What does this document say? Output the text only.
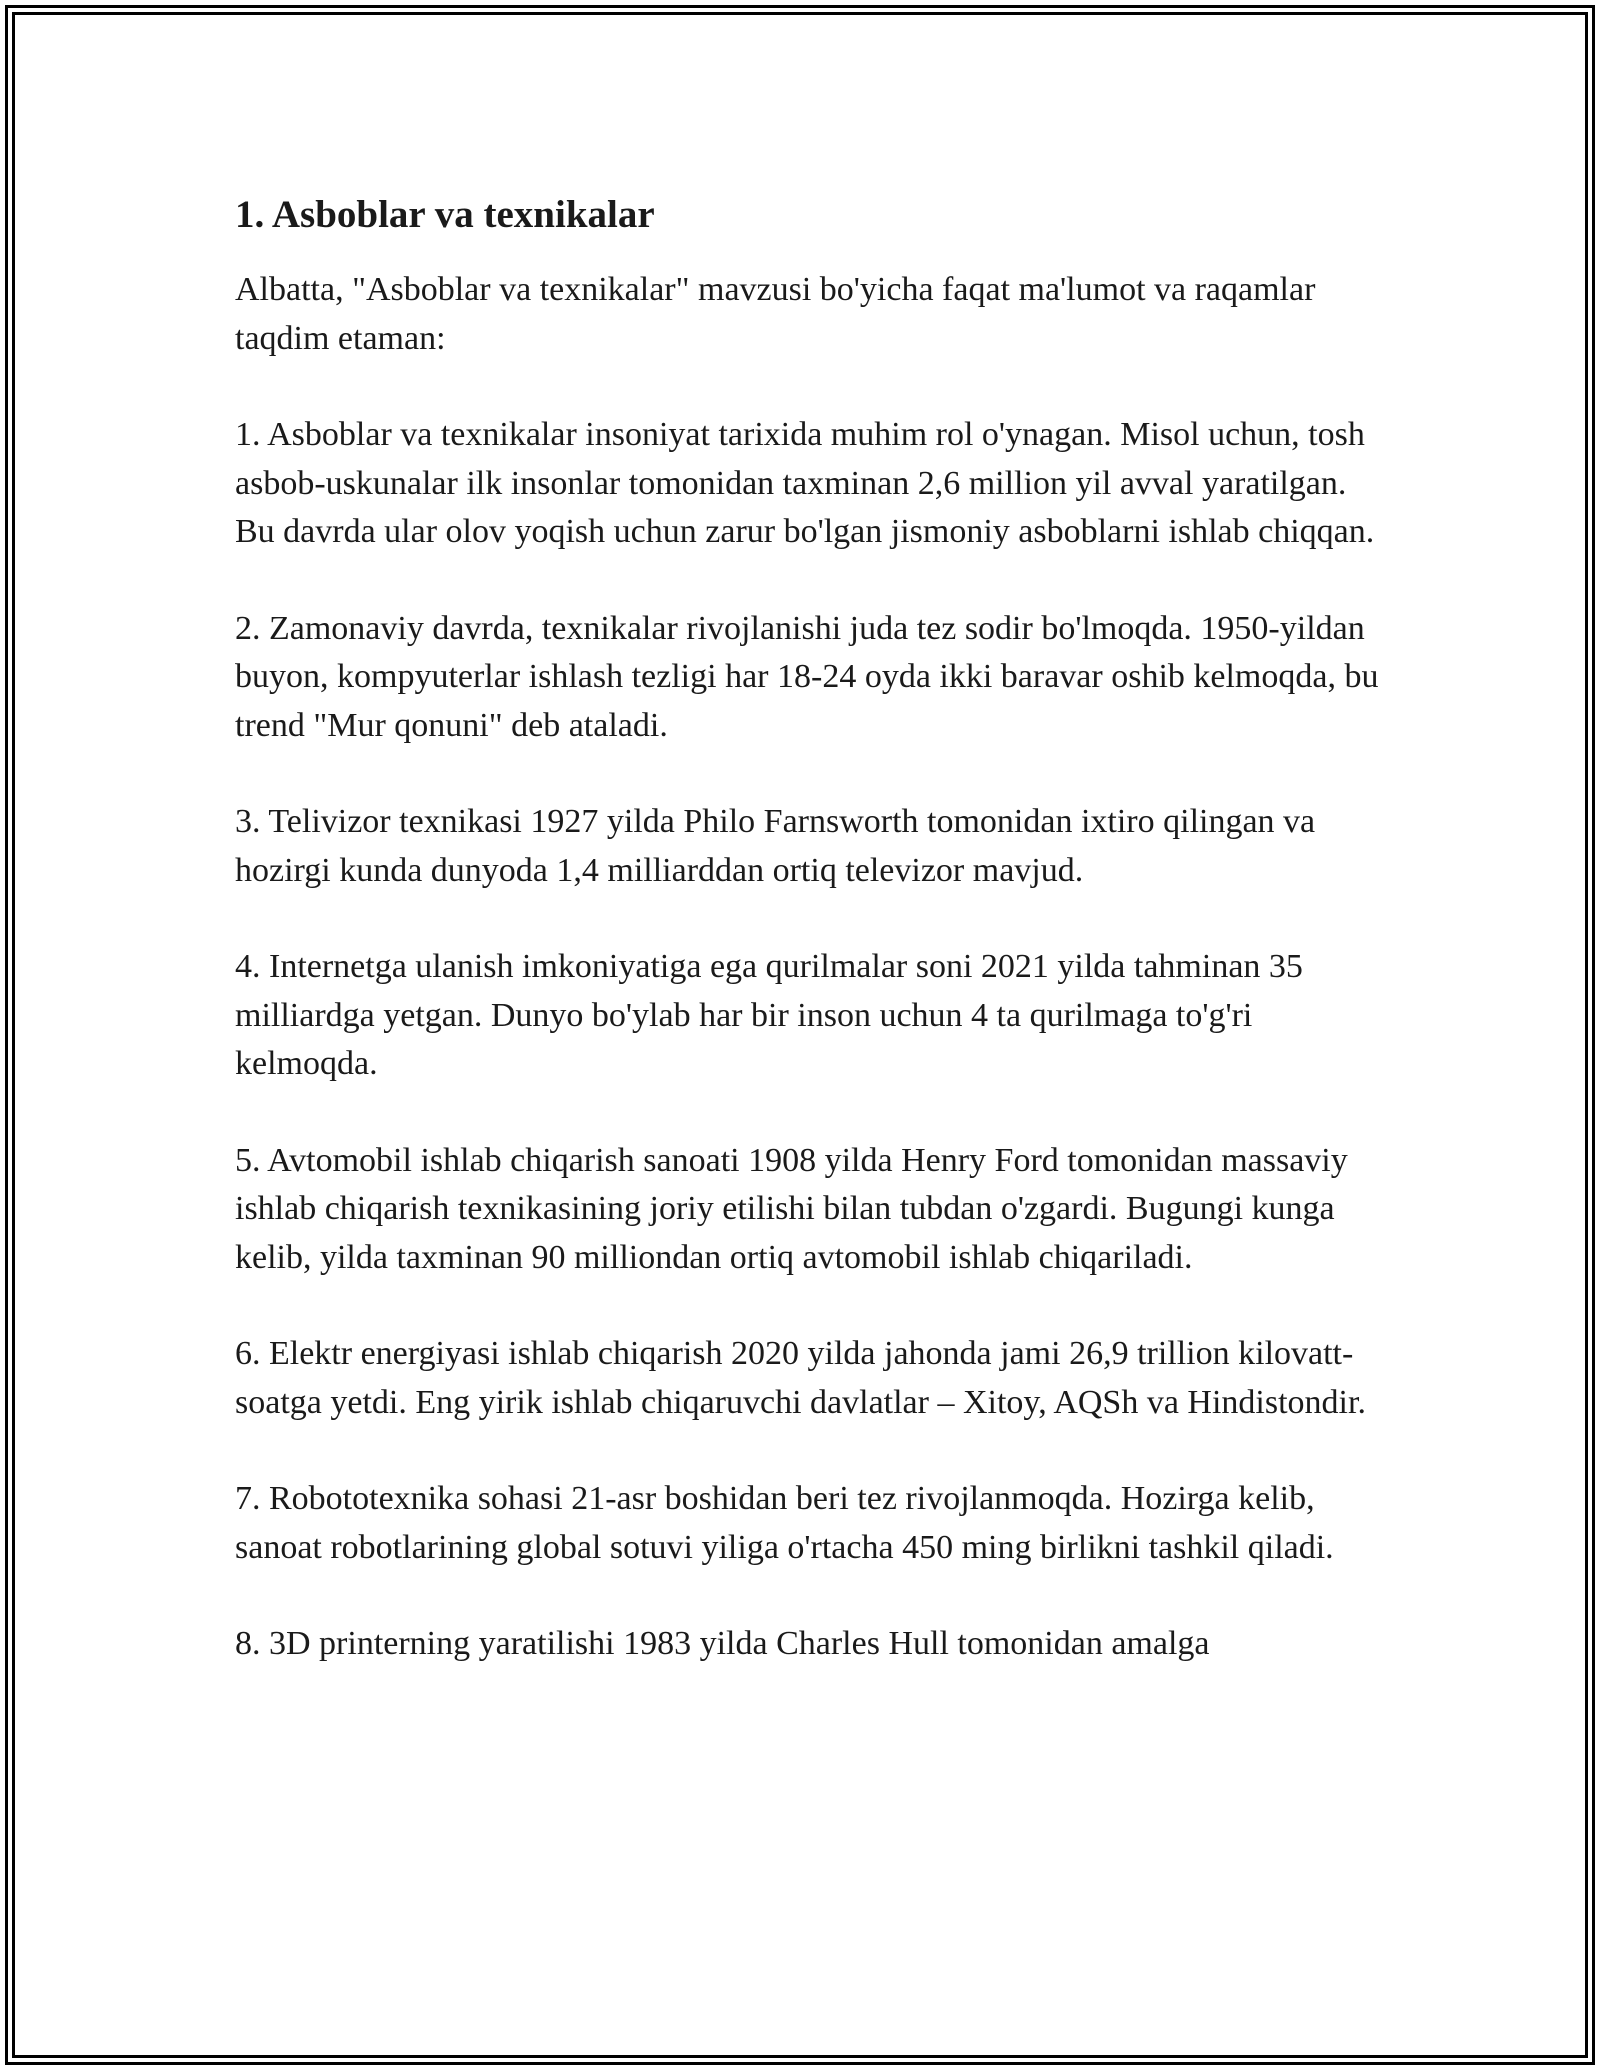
1. Asboblar va texnikalar

Albatta, "Asboblar va texnikalar" mavzusi bo'yicha faqat ma'lumot va raqamlar taqdim etaman:

1. Asboblar va texnikalar insoniyat tarixida muhim rol o'ynagan. Misol uchun, tosh asbob-uskunalar ilk insonlar tomonidan taxminan 2,6 million yil avval yaratilgan. Bu davrda ular olov yoqish uchun zarur bo'lgan jismoniy asboblarni ishlab chiqqan.

2. Zamonaviy davrda, texnikalar rivojlanishi juda tez sodir bo'lmoqda. 1950-yildan buyon, kompyuterlar ishlash tezligi har 18-24 oyda ikki baravar oshib kelmoqda, bu trend "Mur qonuni" deb ataladi.

3. Telivizor texnikasi 1927 yilda Philo Farnsworth tomonidan ixtiro qilingan va hozirgi kunda dunyoda 1,4 milliarddan ortiq televizor mavjud.

4. Internetga ulanish imkoniyatiga ega qurilmalar soni 2021 yilda tahminan 35 milliardga yetgan. Dunyo bo'ylab har bir inson uchun 4 ta qurilmaga to'g'ri kelmoqda.

5. Avtomobil ishlab chiqarish sanoati 1908 yilda Henry Ford tomonidan massaviy ishlab chiqarish texnikasining joriy etilishi bilan tubdan o'zgardi. Bugungi kunga kelib, yilda taxminan 90 milliondan ortiq avtomobil ishlab chiqariladi.

6. Elektr energiyasi ishlab chiqarish 2020 yilda jahonda jami 26,9 trillion kilovatt-soatga yetdi. Eng yirik ishlab chiqaruvchi davlatlar – Xitoy, AQSh va Hindistondir.

7. Robototexnika sohasi 21-asr boshidan beri tez rivojlanmoqda. Hozirga kelib, sanoat robotlarining global sotuvi yiliga o'rtacha 450 ming birlikni tashkil qiladi.

8. 3D printerning yaratilishi 1983 yilda Charles Hull tomonidan amalga
